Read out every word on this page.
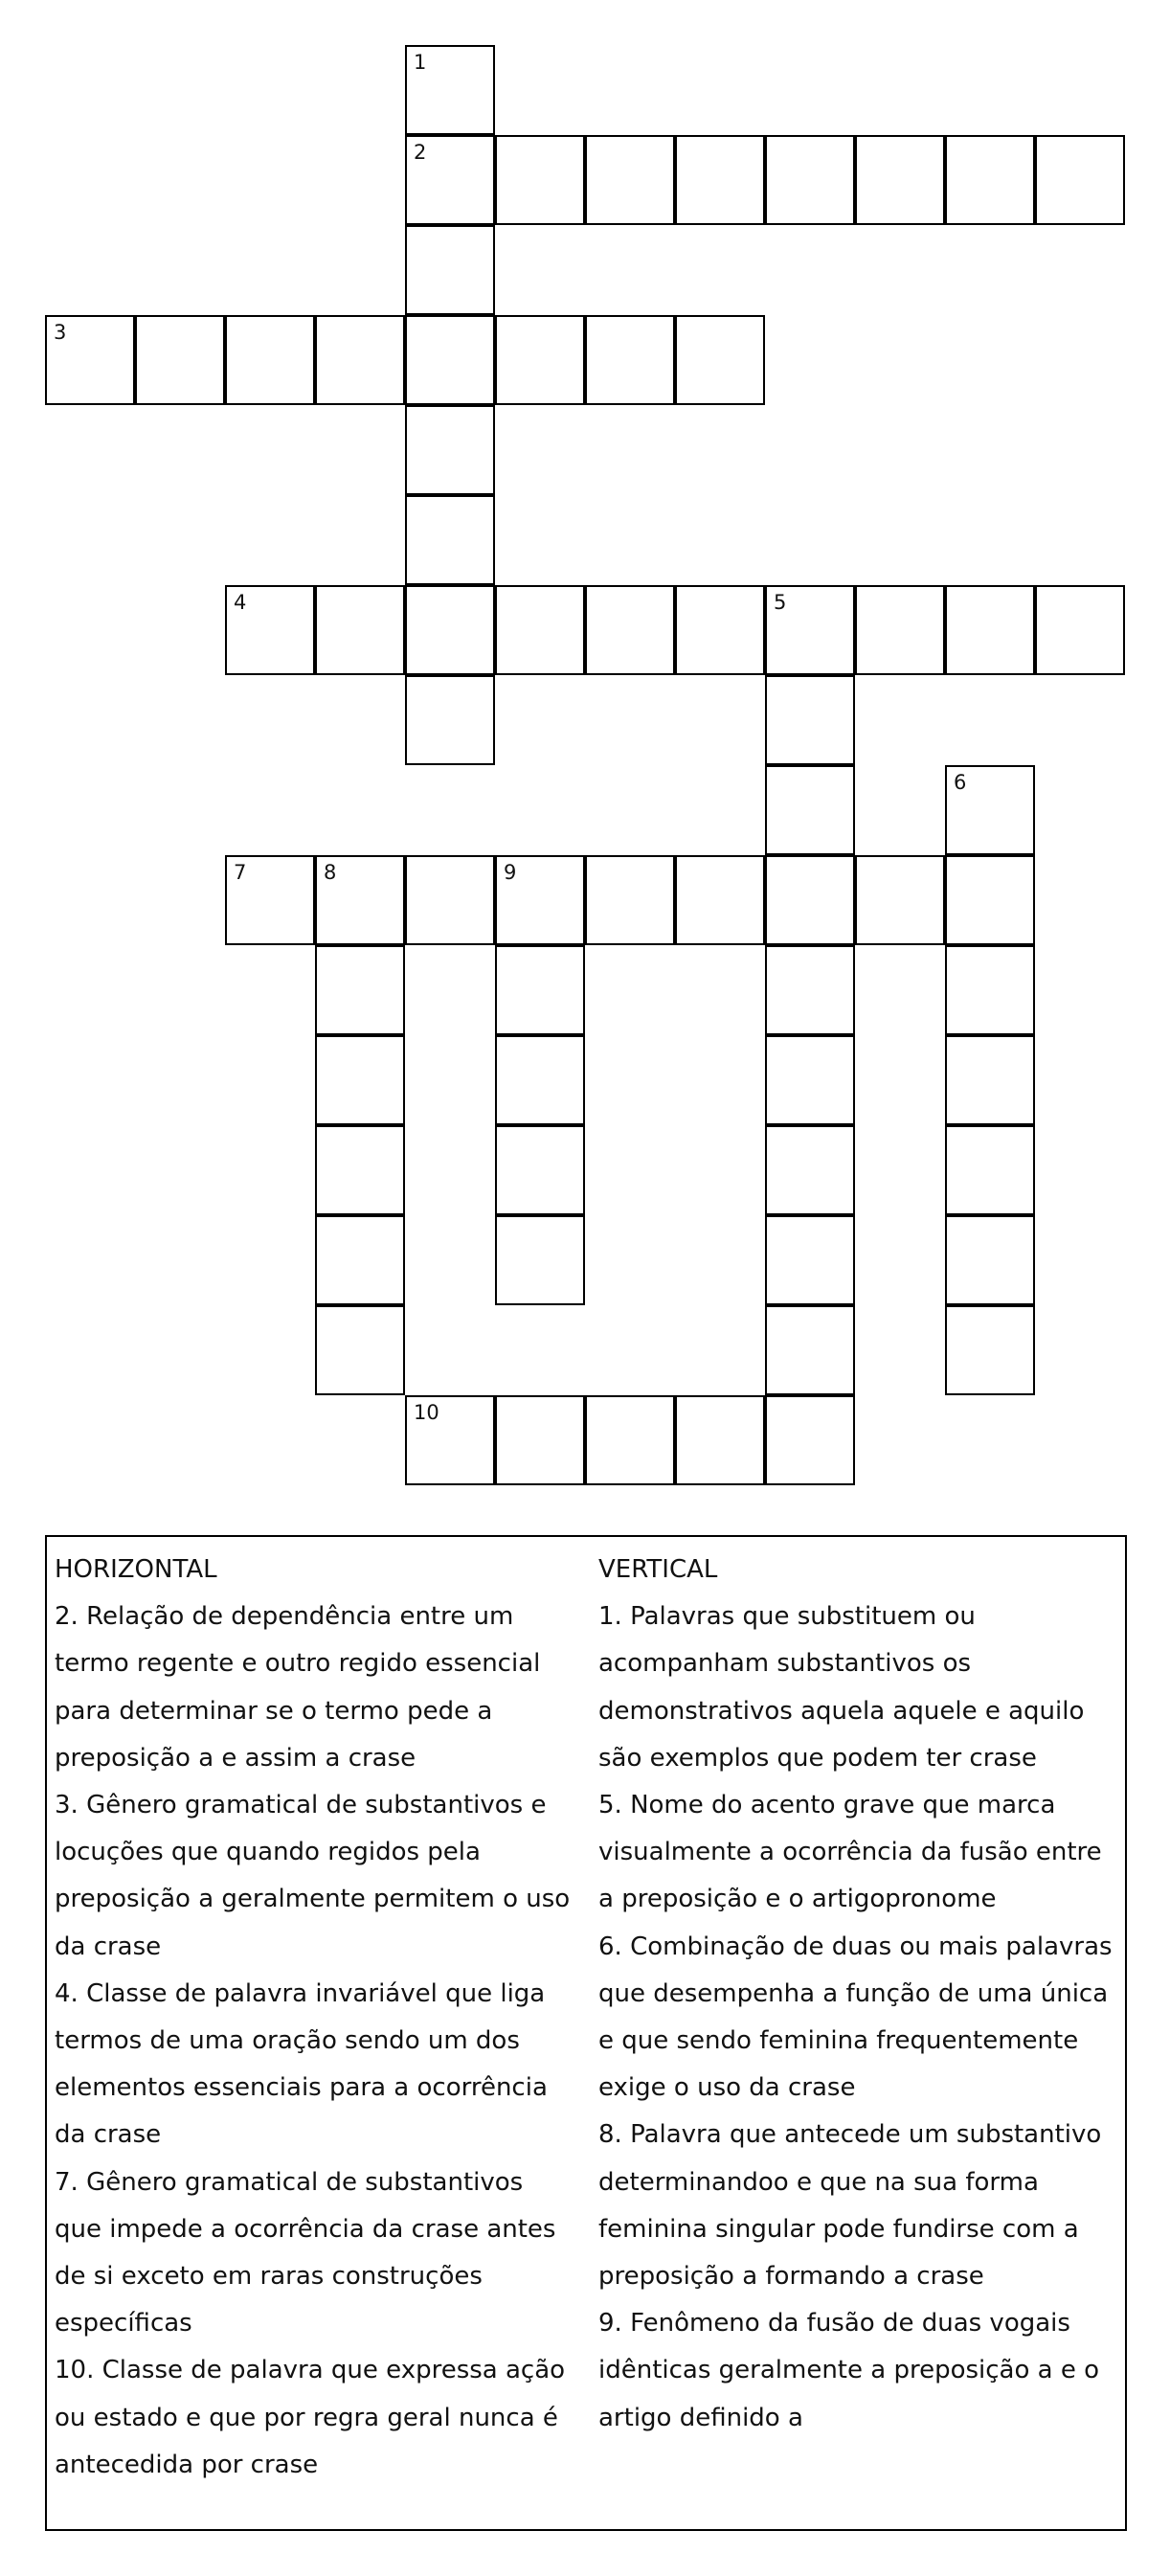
1
2
3
4	5
6
7	8	9
10
HORIZONTAL
2. Relação de dependência entre um
termo regente e outro regido essencial
para determinar se o termo pede a
preposição a e assim a crase
3. Gênero gramatical de substantivos e
locuções que quando regidos pela
preposição a geralmente permitem o uso
da crase
4. Classe de palavra invariável que liga
termos de uma oração sendo um dos
elementos essenciais para a ocorrência
da crase
7. Gênero gramatical de substantivos
que impede a ocorrência da crase antes
de si exceto em raras construções
específicas
10. Classe de palavra que expressa ação
ou estado e que por regra geral nunca é
antecedida por crase
VERTICAL
1. Palavras que substituem ou
acompanham substantivos os
demonstrativos aquela aquele e aquilo
são exemplos que podem ter crase
5. Nome do acento grave que marca
visualmente a ocorrência da fusão entre
a preposição e o artigopronome
6. Combinação de duas ou mais palavras
que desempenha a função de uma única
e que sendo feminina frequentemente
exige o uso da crase
8. Palavra que antecede um substantivo
determinandoo e que na sua forma
feminina singular pode fundirse com a
preposição a formando a crase
9. Fenômeno da fusão de duas vogais
idênticas geralmente a preposição a e o
artigo definido a
